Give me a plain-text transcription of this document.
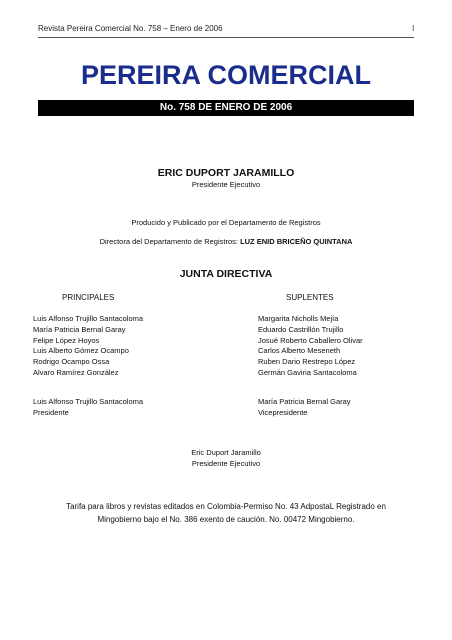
Revista Pereira Comercial No. 758 – Enero de 2006	l
PEREIRA COMERCIAL
No. 758 DE ENERO DE 2006
ERIC DUPORT JARAMILLO
Presidente Ejecutivo
Producido y Publicado por el Departamento de Registros
Directora del Departamento de Registros: LUZ ENID BRICEÑO QUINTANA
JUNTA DIRECTIVA
PRINCIPALES	SUPLENTES
Luis Alfonso Trujillo Santacoloma
María Patricia Bernal Garay
Felipe López Hoyos
Luis Alberto Gómez Ocampo
Rodrigo Ocampo Ossa
Alvaro Ramírez González
Margarita Nicholls Mejía
Eduardo Castrillón Trujillo
Josué Roberto Caballero Olivar
Carlos Alberto Meseneth
Ruben Dario Restrepo López
Germán Gaviria Santacoloma
Luis Alfonso Trujillo Santacoloma
Presidente
María Patricia Bernal Garay
Vicepresidente
Eric Duport Jaramillo
Presidente Ejecutivo
Tarifa para libros y revistas editados en Colombia-Permiso No. 43 AdpostaL Registrado en
Mingobierno bajo el No. 386 exento de caución. No. 00472 Mingobierno.
